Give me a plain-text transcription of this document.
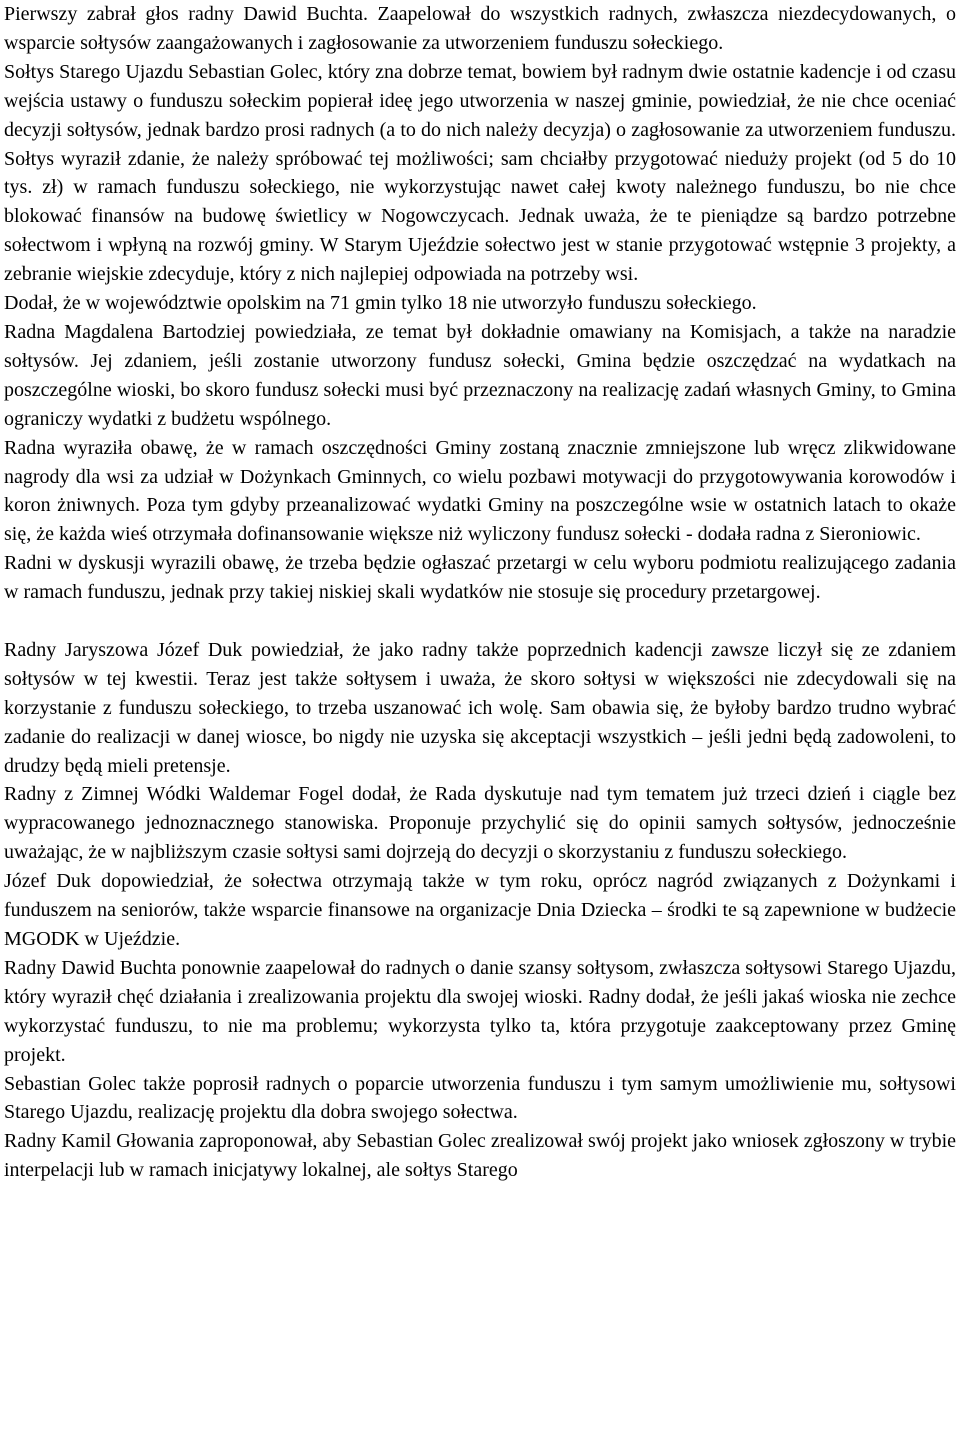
Pierwszy zabrał głos radny Dawid Buchta. Zaapelował do wszystkich radnych, zwłaszcza niezdecydowanych, o wsparcie sołtysów zaangażowanych i zagłosowanie za utworzeniem funduszu sołeckiego.

Sołtys Starego Ujazdu Sebastian Golec, który zna dobrze temat, bowiem był radnym dwie ostatnie kadencje i od czasu wejścia ustawy o funduszu sołeckim popierał ideę jego utworzenia w naszej gminie, powiedział, że nie chce oceniać decyzji sołtysów, jednak bardzo prosi radnych (a to do nich należy decyzja) o zagłosowanie za utworzeniem funduszu. Sołtys wyraził zdanie, że należy spróbować tej możliwości; sam chciałby przygotować niedużу projekt (od 5 do 10 tys. zł) w ramach funduszu sołeckiego, nie wykorzystując nawet całej kwoty należnego funduszu, bo nie chce blokować finansów na budowę świetlicy w Nogowczycach. Jednak uważa, że te pieniądze są bardzo potrzebne sołectwom i wpłyną na rozwój gminy. W Starym Ujeździe sołectwo jest w stanie przygotować wstępnie 3 projekty, a zebranie wiejskie zdecyduje, który z nich najlepiej odpowiada na potrzeby wsi.

Dodał, że w województwie opolskim na 71 gmin tylko 18 nie utworzyło funduszu sołeckiego.

Radna Magdalena Bartodziej powiedziała, ze temat był dokładnie omawiany na Komisjach, a także na naradzie sołtysów. Jej zdaniem, jeśli zostanie utworzony fundusz sołecki, Gmina będzie oszczędzać na wydatkach na poszczególne wioski, bo skoro fundusz sołecki musi być przeznaczony na realizację zadań własnych Gminy, to Gmina ograniczy wydatki z budżetu wspólnego.

Radna wyraziła obawę, że w ramach oszczędności Gminy zostaną znacznie zmniejszone lub wręcz zlikwidowane nagrody dla wsi za udział w Dożynkach Gminnych, co wielu pozbawi motywacji do przygotowywania korowodów i koron żniwnych. Poza tym gdyby przeanalizować wydatki Gminy na poszczególne wsie w ostatnich latach to okaże się, że każda wieś otrzymała dofinansowanie większe niż wyliczony fundusz sołecki - dodała radna z Sieroniowic.

Radni w dyskusji wyrazili obawę, że trzeba będzie ogłaszać przetargi w celu wyboru podmiotu realizującego zadania w ramach funduszu, jednak przy takiej niskiej skali wydatków nie stosuje się procedury przetargowej.

Radny Jaryszowa Józef Duk powiedział, że jako radny także poprzednich kadencji zawsze liczył się ze zdaniem sołtysów w tej kwestii. Teraz jest także sołtysem i uważa, że skoro sołtysi w większości nie zdecydowali się na korzystanie z funduszu sołeckiego, to trzeba uszanować ich wolę. Sam obawia się, że byłoby bardzo trudno wybrać zadanie do realizacji w danej wiosce, bo nigdy nie uzyska się akceptacji wszystkich – jeśli jedni będą zadowoleni, to drudzy będą mieli pretensje.

Radny z Zimnej Wódki Waldemar Fogel dodał, że Rada dyskutuje nad tym tematem już trzeci dzień i ciągle bez wypracowanego jednoznacznego stanowiska. Proponuje przychylić się do opinii samych sołtysów, jednocześnie uważając, że w najbliższym czasie sołtysi sami dojrzeją do decyzji o skorzystaniu z funduszu sołeckiego.

Józef Duk dopowiedział, że sołectwa otrzymają także w tym roku, oprócz nagród związanych z Dożynkami i funduszem na seniorów, także wsparcie finansowe na organizacje Dnia Dziecka – środki te są zapewnione w budżecie MGODK w Ujeździe.

Radny Dawid Buchta ponownie zaapelował do radnych o danie szansy sołtysom, zwłaszcza sołtysowi Starego Ujazdu, który wyraził chęć działania i zrealizowania projektu dla swojej wioski. Radny dodał, że jeśli jakaś wioska nie zechce wykorzystać funduszu, to nie ma problemu; wykorzysta tylko ta, która przygotuje zaakceptowany przez Gminę projekt.

Sebastian Golec także poprosił radnych o poparcie utworzenia funduszu i tym samym umożliwienie mu, sołtysowi Starego Ujazdu, realizację projektu dla dobra swojego sołectwa.

Radny Kamil Głowania zaproponował, aby Sebastian Golec zrealizował swój projekt jako wniosek zgłoszony w trybie interpelacji lub w ramach inicjatywy lokalnej, ale sołtys Starego
